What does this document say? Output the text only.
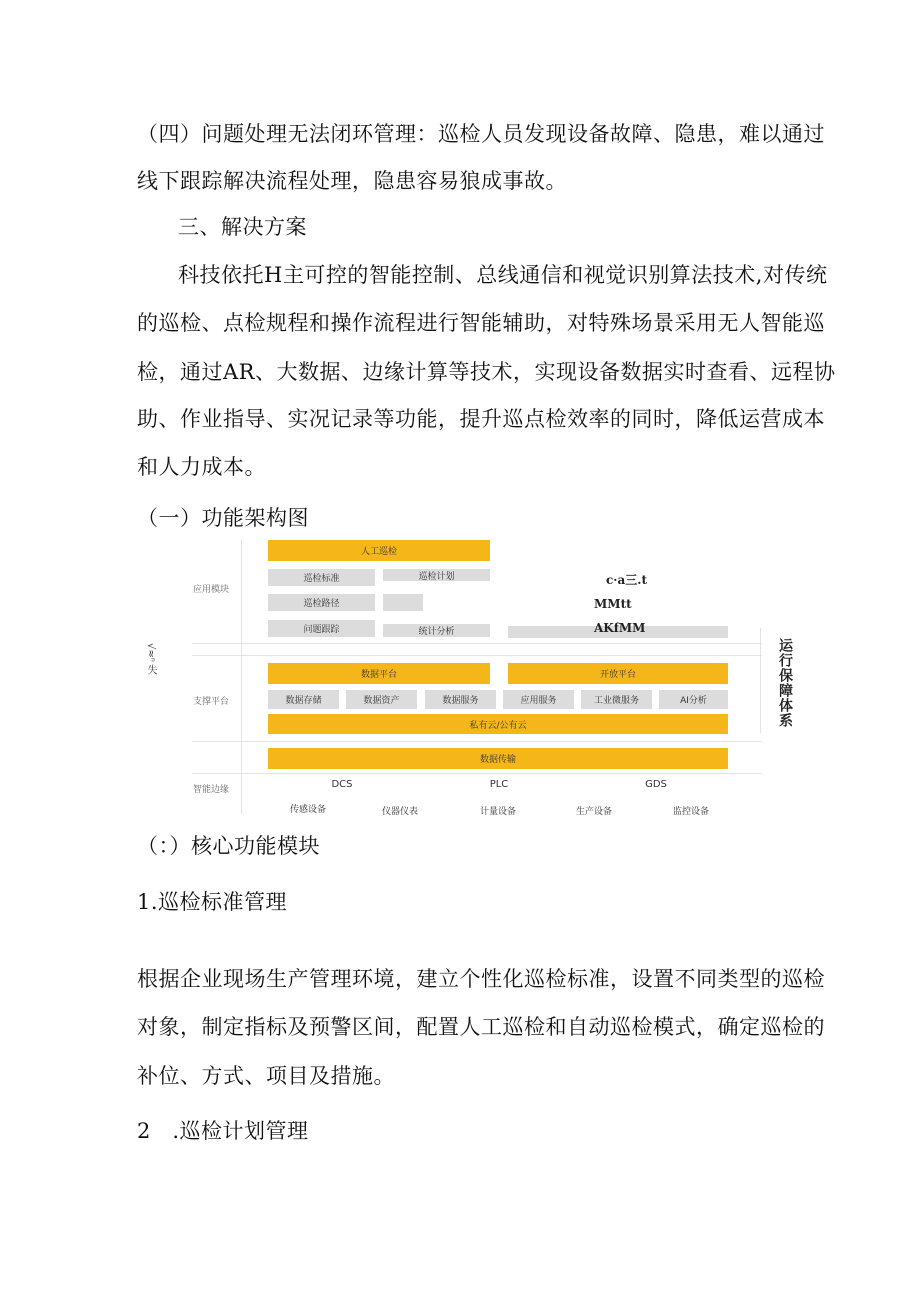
（四）问题处理无法闭环管理：巡检人员发现设备故障、隐患，难以通过
线下跟踪解决流程处理，隐患容易狼成事故。
三、解决方案
科技依托H主可控的智能控制、总线通信和视觉识别算法技术,对传统
的巡检、点检规程和操作流程进行智能辅助，对特殊场景采用无人智能巡
检，通过AR、大数据、边缘计算等技术，实现设备数据实时查看、远程协
助、作业指导、实况记录等功能，提升巡点检效率的同时，降低运营成本
和人力成本。
（一）功能架构图
应用模块
支撑平台
智能边缘
√≈ⁿ 失
人工巡检
巡检标准	巡检计划
巡检路径
问题跟踪	统计分析
c·a三.t
MMtt
AKfMM
数据平台	开放平台
数据存储	数据资产	数据服务	应用服务	工业微服务	AI分析
私有云/公有云
数据传输
DCS	PLC	GDS
传感设备	仪器仪表	计量设备	生产设备	监控设备
运行保障体系
（：）核心功能模块
1.巡检标准管理
根据企业现场生产管理环境，建立个性化巡检标准，设置不同类型的巡检
对象，制定指标及预警区间，配置人工巡检和自动巡检模式，确定巡检的
补位、方式、项目及措施。
2　.巡检计划管理
